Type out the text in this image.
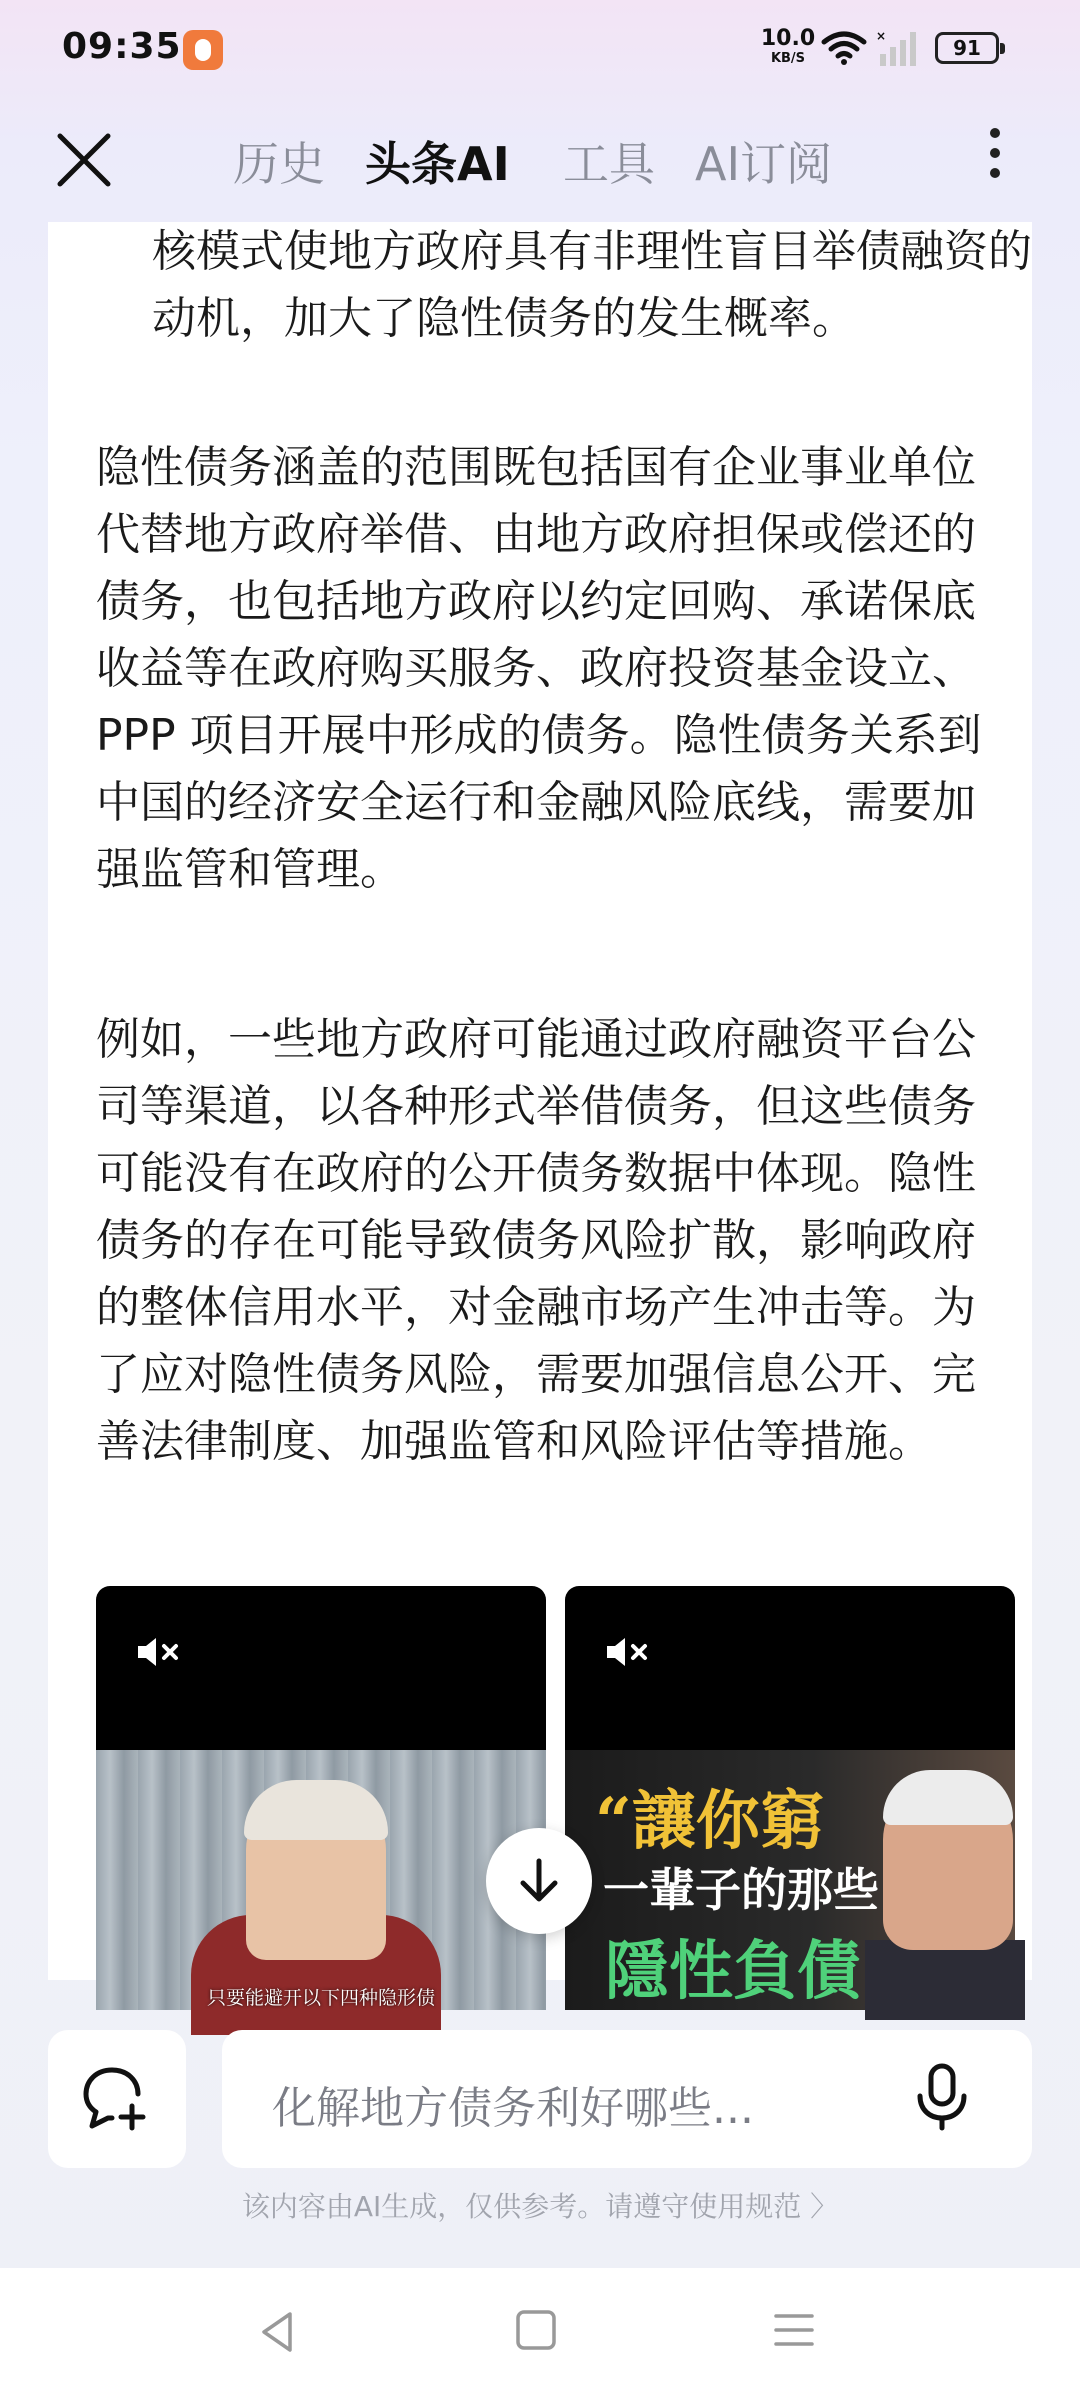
09:35	10.0
KB/S
×	91
历史 头条AI 工具 AI订阅
核模式使地方政府具有非理性盲目举债融资的动机，加大了隐性债务的发生概率。
隐性债务涵盖的范围既包括国有企业事业单位代替地方政府举借、由地方政府担保或偿还的债务，也包括地方政府以约定回购、承诺保底收益等在政府购买服务、政府投资基金设立、PPP 项目开展中形成的债务。隐性债务关系到中国的经济安全运行和金融风险底线，需要加强监管和管理。
例如，一些地方政府可能通过政府融资平台公司等渠道，以各种形式举借债务，但这些债务可能没有在政府的公开债务数据中体现。隐性债务的存在可能导致债务风险扩散，影响政府的整体信用水平，对金融市场产生冲击等。为了应对隐性债务风险，需要加强信息公开、完善法律制度、加强监管和风险评估等措施。
只要能避开以下四种隐形债
“讓你窮
一輩子的那些
隱性負債
化解地方债务利好哪些...
该内容由AI生成，仅供参考。请遵守使用规范 〉
